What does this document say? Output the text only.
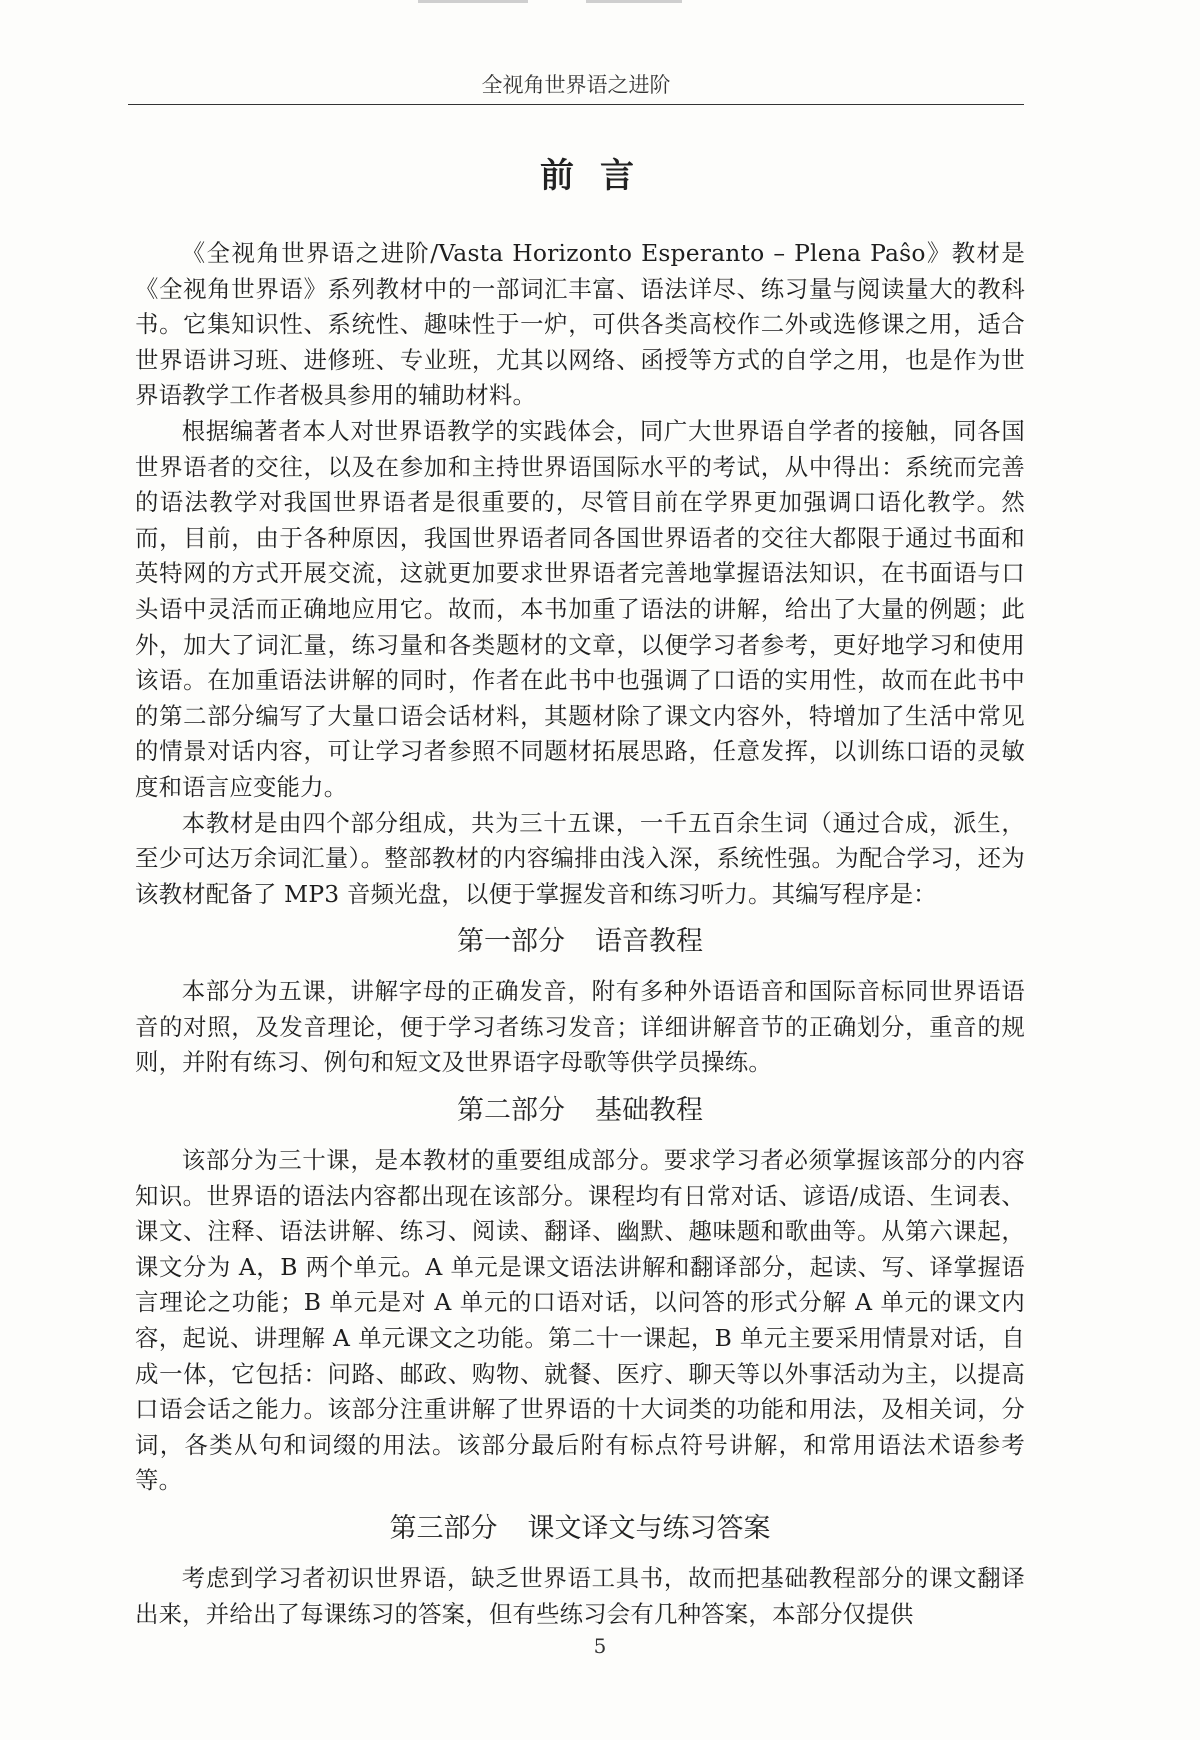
全视角世界语之进阶
前言

《全视角世界语之进阶/Vasta Horizonto Esperanto – Plena Paŝo》教材是《全视角世界语》系列教材中的一部词汇丰富、语法详尽、练习量与阅读量大的教科书。它集知识性、系统性、趣味性于一炉，可供各类高校作二外或选修课之用，适合世界语讲习班、进修班、专业班，尤其以网络、函授等方式的自学之用，也是作为世界语教学工作者极具参用的辅助材料。

根据编著者本人对世界语教学的实践体会，同广大世界语自学者的接触，同各国世界语者的交往，以及在参加和主持世界语国际水平的考试，从中得出：系统而完善的语法教学对我国世界语者是很重要的，尽管目前在学界更加强调口语化教学。然而，目前，由于各种原因，我国世界语者同各国世界语者的交往大都限于通过书面和英特网的方式开展交流，这就更加要求世界语者完善地掌握语法知识，在书面语与口头语中灵活而正确地应用它。故而，本书加重了语法的讲解，给出了大量的例题；此外，加大了词汇量，练习量和各类题材的文章，以便学习者参考，更好地学习和使用该语。在加重语法讲解的同时，作者在此书中也强调了口语的实用性，故而在此书中的第二部分编写了大量口语会话材料，其题材除了课文内容外，特增加了生活中常见的情景对话内容，可让学习者参照不同题材拓展思路，任意发挥，以训练口语的灵敏度和语言应变能力。

本教材是由四个部分组成，共为三十五课，一千五百余生词（通过合成，派生，至少可达万余词汇量）。整部教材的内容编排由浅入深，系统性强。为配合学习，还为该教材配备了 MP3 音频光盘，以便于掌握发音和练习听力。其编写程序是：

第一部分 语音教程

本部分为五课，讲解字母的正确发音，附有多种外语语音和国际音标同世界语语音的对照，及发音理论，便于学习者练习发音；详细讲解音节的正确划分，重音的规则，并附有练习、例句和短文及世界语字母歌等供学员操练。

第二部分 基础教程

该部分为三十课，是本教材的重要组成部分。要求学习者必须掌握该部分的内容知识。世界语的语法内容都出现在该部分。课程均有日常对话、谚语/成语、生词表、课文、注释、语法讲解、练习、阅读、翻译、幽默、趣味题和歌曲等。从第六课起，课文分为 A，B 两个单元。A 单元是课文语法讲解和翻译部分，起读、写、译掌握语言理论之功能；B 单元是对 A 单元的口语对话，以问答的形式分解 A 单元的课文内容，起说、讲理解 A 单元课文之功能。第二十一课起，B 单元主要采用情景对话，自成一体，它包括：问路、邮政、购物、就餐、医疗、聊天等以外事活动为主，以提高口语会话之能力。该部分注重讲解了世界语的十大词类的功能和用法，及相关词，分词，各类从句和词缀的用法。该部分最后附有标点符号讲解，和常用语法术语参考等。

第三部分 课文译文与练习答案

考虑到学习者初识世界语，缺乏世界语工具书，故而把基础教程部分的课文翻译出来，并给出了每课练习的答案，但有些练习会有几种答案，本部分仅提供

5
